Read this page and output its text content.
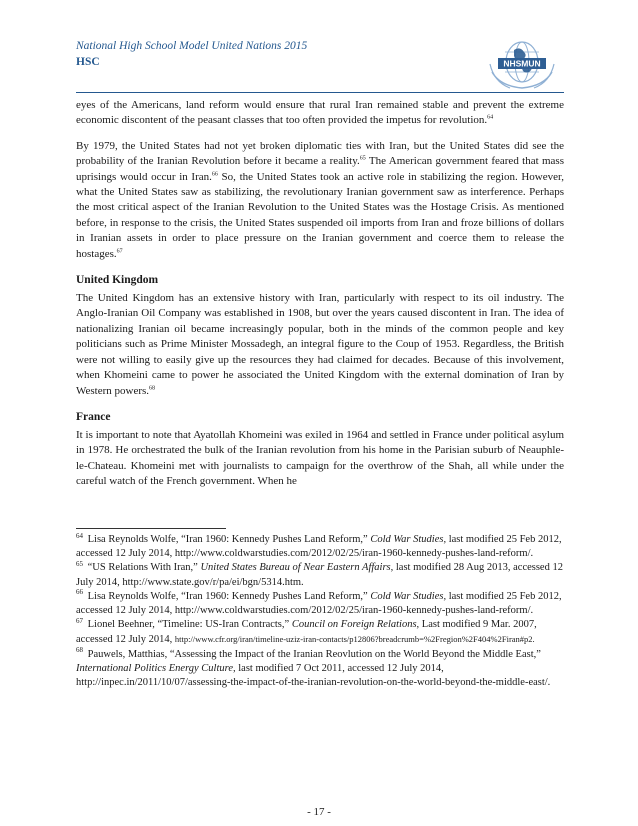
National High School Model United Nations 2015
HSC	NHSMUN

eyes of the Americans, land reform would ensure that rural Iran remained stable and prevent the extreme economic discontent of the peasant classes that too often provided the impetus for revolution.$^{64}$

By 1979, the United States had not yet broken diplomatic ties with Iran, but the United States did see the probability of the Iranian Revolution before it became a reality.$^{65}$ The American government feared that mass uprisings would occur in Iran.$^{66}$ So, the United States took an active role in stabilizing the region. However, what the United States saw as stabilizing, the revolutionary Iranian government saw as interference. Perhaps the most critical aspect of the Iranian Revolution to the United States was the Hostage Crisis. As mentioned before, in response to the crisis, the United States suspended oil imports from Iran and froze billions of dollars in Iranian assets in order to place pressure on the Iranian government and coerce them to release the hostages.$^{67}$

United Kingdom

The United Kingdom has an extensive history with Iran, particularly with respect to its oil industry. The Anglo-Iranian Oil Company was established in 1908, but over the years caused discontent in Iran. The idea of nationalizing Iranian oil became increasingly popular, both in the minds of the common people and key politicians such as Prime Minister Mossadegh, an integral figure to the Coup of 1953. Regardless, the British were not willing to easily give up the resources they had claimed for decades. Because of this involvement, when Khomeini came to power he associated the United Kingdom with the external domination of Iran by Western powers.$^{68}$

France

It is important to note that Ayatollah Khomeini was exiled in 1964 and settled in France under political asylum in 1978. He orchestrated the bulk of the Iranian revolution from his home in the Parisian suburb of Neauphle-le-Chateau. Khomeini met with journalists to campaign for the overthrow of the Shah, all while under the careful watch of the French government. When he

$^{64}$ Lisa Reynolds Wolfe, “Iran 1960: Kennedy Pushes Land Reform,” Cold War Studies, last modified 25 Feb 2012, accessed 12 July 2014, http://www.coldwarstudies.com/2012/02/25/iran-1960-kennedy-pushes-land-reform/.

$^{65}$ “US Relations With Iran,” United States Bureau of Near Eastern Affairs, last modified 28 Aug 2013, accessed 12 July 2014, http://www.state.gov/r/pa/ei/bgn/5314.htm.

$^{66}$ Lisa Reynolds Wolfe, “Iran 1960: Kennedy Pushes Land Reform,” Cold War Studies, last modified 25 Feb 2012, accessed 12 July 2014, http://www.coldwarstudies.com/2012/02/25/iran-1960-kennedy-pushes-land-reform/.

$^{67}$ Lionel Beehner, “Timeline: US-Iran Contracts,” Council on Foreign Relations, Last modified 9 Mar. 2007, accessed 12 July 2014, http://www.cfr.org/iran/timeline-uziz-iran-contacts/p12806?breadcrumb=%2Fregion%2F404%2Firan#p2.

$^{68}$ Pauwels, Matthias, “Assessing the Impact of the Iranian Reovlution on the World Beyond the Middle East,” International Politics Energy Culture, last modified 7 Oct 2011, accessed 12 July 2014, http://inpec.in/2011/10/07/assessing-the-impact-of-the-iranian-revolution-on-the-world-beyond-the-middle-east/.

- 17 -
